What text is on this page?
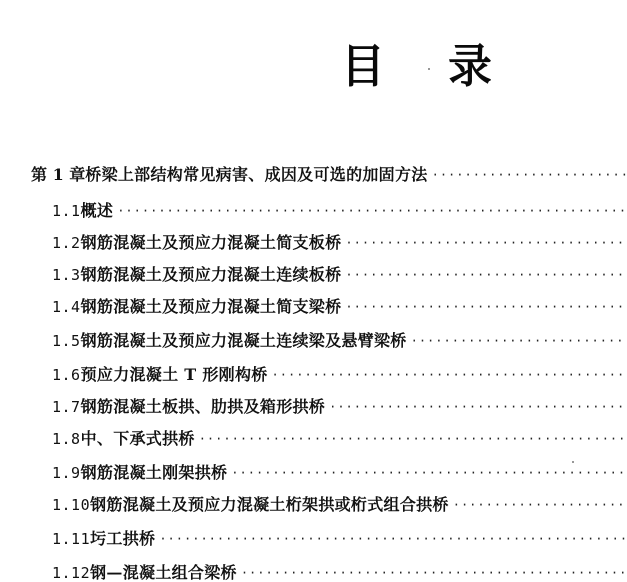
目 录
第 1 章 桥梁上部结构常见病害、成因及可选的加固方法
·····
1.1 概述
·····
1.2 钢筋混凝土及预应力混凝土简支板桥
·····
1.3 钢筋混凝土及预应力混凝土连续板桥
·····
1.4 钢筋混凝土及预应力混凝土简支梁桥
·····
1.5 钢筋混凝土及预应力混凝土连续梁及悬臂梁桥
·····
1.6 预应力混凝土 T 形刚构桥
·····
1.7 钢筋混凝土板拱、肋拱及箱形拱桥
·····
1.8 中、下承式拱桥
·····
1.9 钢筋混凝土刚架拱桥
·····
1.10 钢筋混凝土及预应力混凝土桁架拱或桁式组合拱桥
·····
1.11 圬工拱桥
·····
1.12 钢—混凝土组合梁桥
·····
